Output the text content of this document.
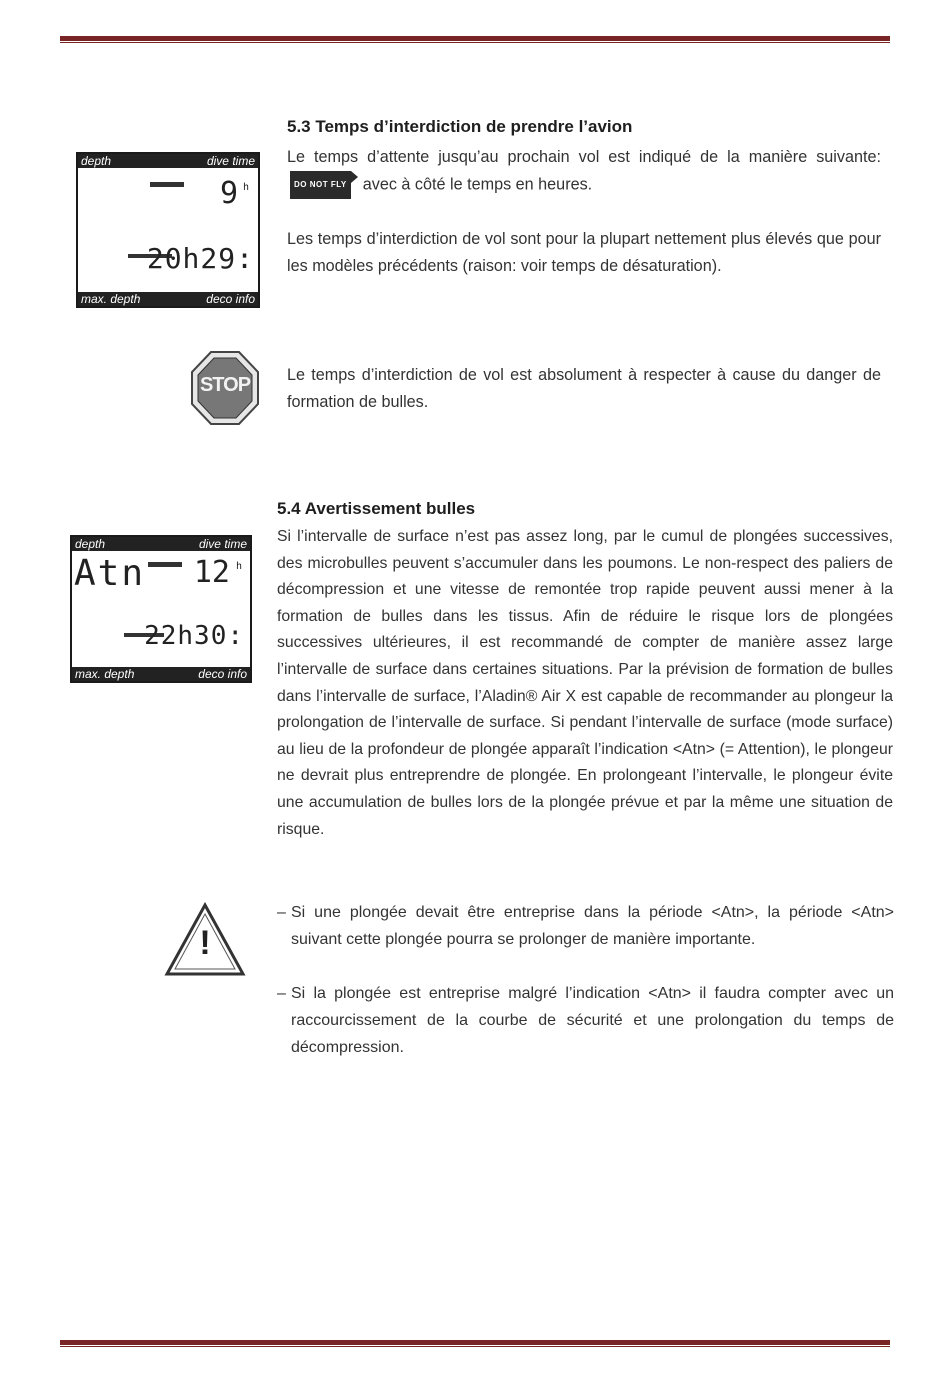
5.3 Temps d’interdiction de prendre l’avion
depth	dive time
9 h
20h29:
max. depth	deco info
Le temps d’attente jusqu’au prochain vol est indiqué de la manière suivante: DO NOT FLY avec à côté le temps en heures.
Les temps d’interdiction de vol sont pour la plupart nettement plus élevés que pour les modèles précédents (raison: voir temps de désaturation).
STOP	Le temps d’interdiction de vol est absolument à respecter à cause du danger de formation de bulles.
5.4 Avertissement bulles
depth	dive time
Atn 12 h
22h30:
max. depth	deco info
Si l’intervalle de surface n’est pas assez long, par le cumul de plongées successives, des microbulles peuvent s’accumuler dans les poumons. Le non-respect des paliers de décompression et une vitesse de remontée trop rapide peuvent aussi mener à la formation de bulles dans les tissus. Afin de réduire le risque lors de plongées successives ultérieures, il est recommandé de compter de manière assez large l’intervalle de surface dans certaines situations. Par la prévision de formation de bulles dans l’intervalle de surface, l’Aladin® Air X est capable de recommander au plongeur la prolongation de l’intervalle de surface. Si pendant l’intervalle de surface (mode surface) au lieu de la profondeur de plongée apparaît l’indication <Atn> (= Attention), le plongeur ne devrait plus entreprendre de plongée. En prolongeant l’intervalle, le plongeur évite une accumulation de bulles lors de la plongée prévue et par la même une situation de risque.
!
– Si une plongée devait être entreprise dans la période <Atn>, la période <Atn> suivant cette plongée pourra se prolonger de manière importante.
– Si la plongée est entreprise malgré l’indication <Atn> il faudra compter avec un raccourcissement de la courbe de sécurité et une prolongation du temps de décompression.
